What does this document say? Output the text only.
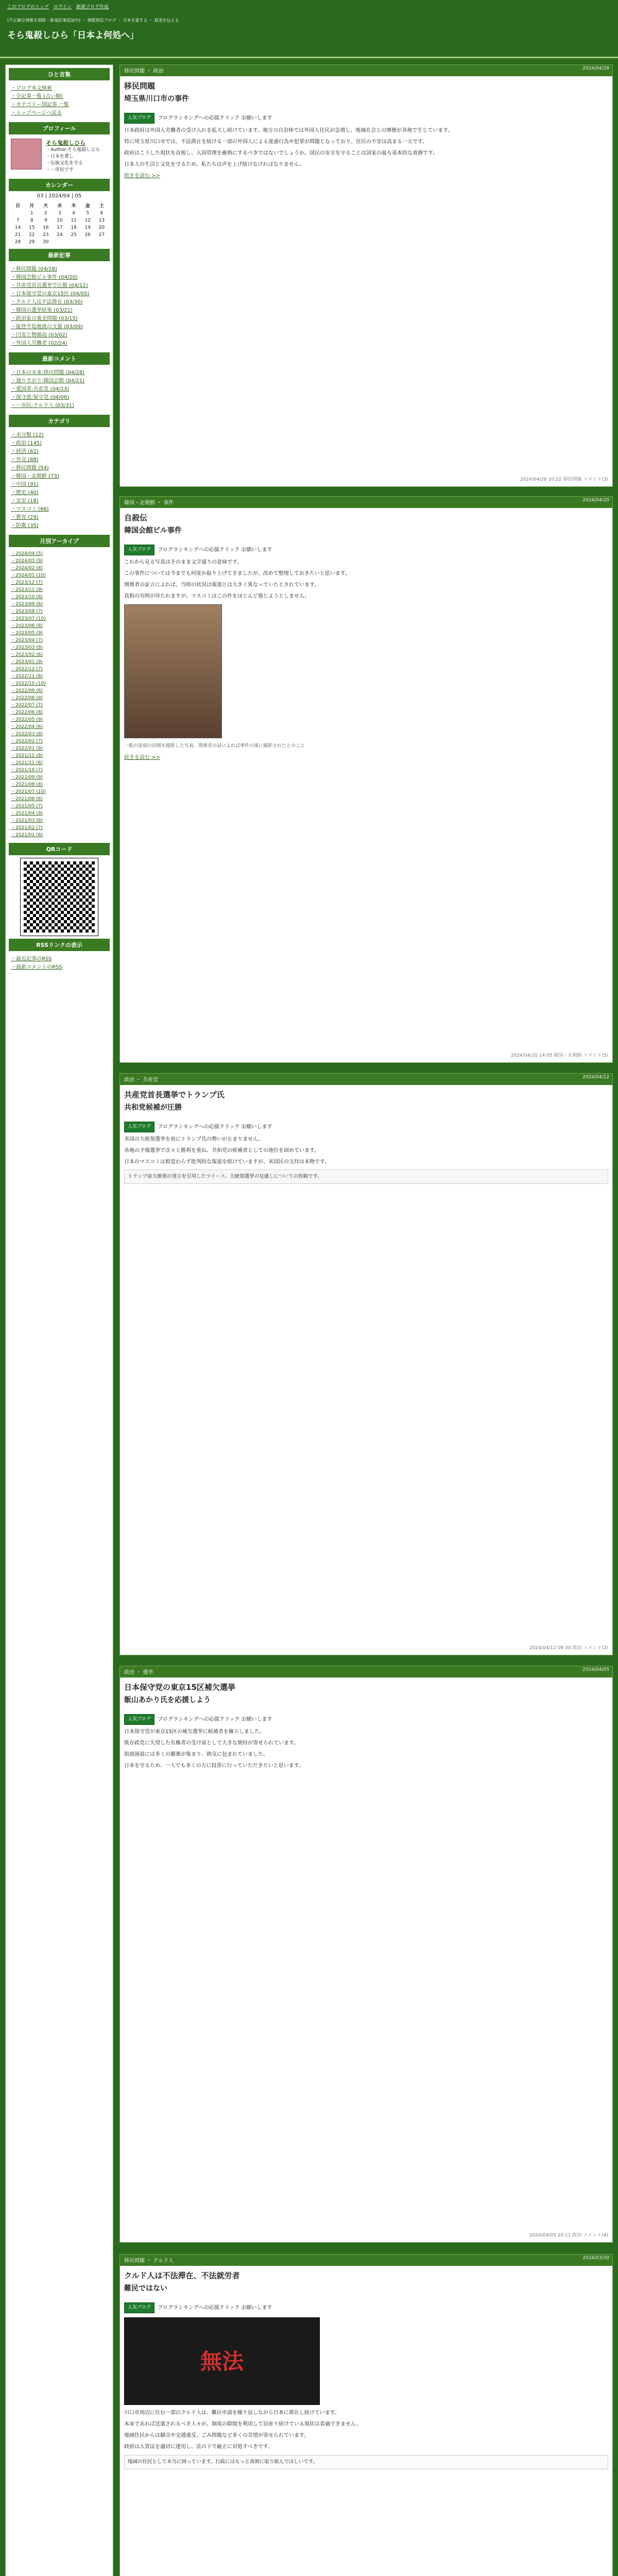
このブログのトップ ログイン 新規ブログ作成
(不正確な情報を削除・新規記事追加中) ・ 情報発信ブログ ・ 日本を愛する ・ 真実を伝える
そら鬼殺しひら「日本よ何処へ」
ひと言集
・ブログ本文検索
・全記事一覧 (古い順)
・カテゴリー別記事 一覧
・トップページへ戻る
プロフィール
そら鬼殺しひら
・Author:そら鬼殺しひら
・日本を愛し
・伝統文化を守る
・一市民です
カレンダー
03 | 2024/04 | 05
日	月	火	水	木	金	土
	1	2	3	4	5	6
7	8	9	10	11	12	13
14	15	16	17	18	19	20
21	22	23	24	25	26	27
28	29	30				
最新記事
・移民問題 (04/28)
・韓国会館ビル事件 (04/20)
・共産党首長選挙で圧勝 (04/12)
・日本保守党の東京15区 (04/05)
・クルド人は不法滞在 (03/30)
・韓国の選挙結果 (03/21)
・政治家の裏金問題 (03/15)
・能登半島地震の支援 (03/09)
・円安と物価高 (03/02)
・外国人労働者 (02/24)
最新コメント
・日本の未来:移民問題 (04/28)
・通りすがり:韓国会館 (04/21)
・愛国者:共産党 (04/13)
・保守派:保守党 (04/06)
・一市民:クルド人 (03/31)
カテゴリ
・未分類 (12)
・政治 (145)
・経済 (62)
・外交 (88)
・移民問題 (54)
・韓国・北朝鮮 (73)
・中国 (91)
・歴史 (40)
・皇室 (18)
・マスコミ (66)
・教育 (29)
・防衛 (35)
月別アーカイブ
・2024/04 (5)
・2024/03 (9)
・2024/02 (8)
・2024/01 (10)
・2023/12 (7)
・2023/11 (9)
・2023/10 (8)
・2023/09 (6)
・2023/08 (7)
・2023/07 (10)
・2023/06 (8)
・2023/05 (9)
・2023/04 (7)
・2023/03 (8)
・2023/02 (6)
・2023/01 (9)
・2022/12 (7)
・2022/11 (8)
・2022/10 (10)
・2022/09 (6)
・2022/08 (9)
・2022/07 (7)
・2022/06 (8)
・2022/05 (9)
・2022/04 (6)
・2022/03 (8)
・2022/02 (7)
・2022/01 (9)
・2021/12 (8)
・2021/11 (6)
・2021/10 (7)
・2021/09 (9)
・2021/08 (8)
・2021/07 (10)
・2021/06 (6)
・2021/05 (7)
・2021/04 (9)
・2021/03 (8)
・2021/02 (7)
・2021/01 (6)
QRコード
RSSリンクの表示
・最近記事のRSS
・最新コメントのRSS
移民問題 ・ 政治	2024/04/28
移民問題
埼玉県川口市の事件
人気ブログ	ブログランキングへの応援クリック お願いします

日本政府は外国人労働者の受け入れを拡大し続けています。地方の自治体では外国人住民が急増し、地域社会との摩擦が各地で生じています。

特に埼玉県川口市では、不法滞在を続ける一部の外国人による迷惑行為や犯罪が問題となっており、住民の不安は高まる一方です。

政府はこうした現状を直視し、入国管理を厳格にするべきではないでしょうか。国民の安全を守ることは国家の最も基本的な責務です。

日本人の生活と文化を守るため、私たちは声を上げ続けなければなりません。

続きを読む >>
2024/04/28 10:22 移民問題 コメント(3)
韓国・北朝鮮 ・ 事件	2024/04/20
自殺伝
韓国会館ビル事件
人気ブログ	ブログランキングへの応援クリック お願いします

これから見る写真はそのまま文字通りの意味です。

この事件については今までも何度か取り上げてきましたが、改めて整理しておきたいと思います。

関係者の証言によれば、当時の状況は報道とは大きく異なっていたとされています。

真相の究明が待たれますが、マスコミはこの件をほとんど報じようとしません。

一般の家庭の居間を撮影した写真、関係者の話によれば事件の後に撮影されたとのこと

続きを読む >>
2024/04/20 14:05 韓国・北朝鮮 コメント(5)
政治 ・ 共産党	2024/04/12
共産党首長選挙でトランプ氏
共和党候補が圧勝
人気ブログ	ブログランキングへの応援クリック お願いします

米国の大統領選挙を前にトランプ氏の勢いが止まりません。

各地の予備選挙で次々と勝利を重ね、共和党の候補者としての地位を固めています。

日本のマスコミは相変わらず批判的な報道を続けていますが、米国民の支持は本物です。

トランプ前大統領の発言を引用したツイート。大統領選挙の見通しについての投稿です。
2024/04/12 09:30 政治 コメント(2)
政治 ・ 選挙	2024/04/05
日本保守党の東京15区補欠選挙
飯山あかり氏を応援しよう
人気ブログ	ブログランキングへの応援クリック お願いします

日本保守党が東京15区の補欠選挙に候補者を擁立しました。

既存政党に失望した有権者の受け皿として大きな期待が寄せられています。

街頭演説には多くの聴衆が集まり、熱気に包まれていました。

日本を守るため、一人でも多くの方に投票に行っていただきたいと思います。

2024/04/05 20:11 政治 コメント(4)
移民問題 ・ クルド人	2024/03/30
クルド人は不法滞在、不法就労者
難民ではない
人気ブログ	ブログランキングへの応援クリック お願いします
無法

川口市周辺に住む一部のクルド人は、難民申請を繰り返しながら日本に滞在し続けています。

本来であれば送還されるべき人々が、制度の隙間を利用して居座り続けている現状は看過できません。

地域住民からは騒音や交通違反、ごみ問題など多くの苦情が寄せられています。

政府は入管法を適切に運用し、法の下で厳正に対処すべきです。

地域の住民として本当に困っています。行政にはもっと真剣に取り組んでほしいです。
